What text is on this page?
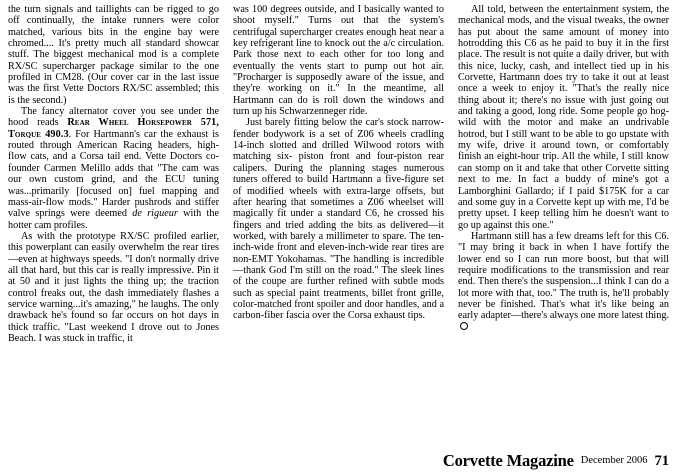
the turn signals and taillights can be rigged to go off continually, the intake runners were color matched, various bits in the engine bay were chromed.... It's pretty much all standard showcar stuff. The biggest mechanical mod is a complete RX/SC supercharger package similar to the one profiled in CM28. (Our cover car in the last issue was the first Vette Doctors RX/SC assembled; this is the second.)

The fancy alternator cover you see under the hood reads Rear Wheel Horsepower 571, Torque 490.3. For Hartmann's car the exhaust is routed through American Racing headers, high-flow cats, and a Corsa tail end. Vette Doctors co-founder Carmen Melillo adds that "The cam was our own custom grind, and the ECU tuning was...primarily [focused on] fuel mapping and mass-air-flow mods." Harder pushrods and stiffer valve springs were deemed de rigueur with the hotter cam profiles.

As with the prototype RX/SC profiled earlier, this powerplant can easily overwhelm the rear tires—even at highways speeds. "I don't normally drive all that hard, but this car is really impressive. Pin it at 50 and it just lights the thing up; the traction control freaks out, the dash immediately flashes a service warning...it's amazing," he laughs. The only drawback he's found so far occurs on hot days in thick traffic. "Last weekend I drove out to Jones Beach. I was stuck in traffic, it

was 100 degrees outside, and I basically wanted to shoot myself." Turns out that the system's centrifugal supercharger creates enough heat near a key refrigerant line to knock out the a/c circulation. Park those next to each other for too long and eventually the vents start to pump out hot air. "Procharger is supposedly aware of the issue, and they're working on it." In the meantime, all Hartmann can do is roll down the windows and turn up his Schwarzenneger ride.

Just barely fitting below the car's stock narrow-fender bodywork is a set of Z06 wheels cradling 14-inch slotted and drilled Wilwood rotors with matching six- piston front and four-piston rear calipers. During the planning stages numerous tuners offered to build Hartmann a five-figure set of modified wheels with extra-large offsets, but after hearing that sometimes a Z06 wheelset will magically fit under a standard C6, he crossed his fingers and tried adding the bits as delivered—it worked, with barely a millimeter to spare. The ten-inch-wide front and eleven-inch-wide rear tires are non-EMT Yokohamas. "The handling is incredible—thank God I'm still on the road." The sleek lines of the coupe are further refined with subtle mods such as special paint treatments, billet front grille, color-matched front spoiler and door handles, and a carbon-fiber fascia over the Corsa exhaust tips.

All told, between the entertainment system, the mechanical mods, and the visual tweaks, the owner has put about the same amount of money into hotrodding this C6 as he paid to buy it in the first place. The result is not quite a daily driver, but with this nice, lucky, cash, and intellect tied up in his Corvette, Hartmann does try to take it out at least once a week to enjoy it. "That's the really nice thing about it; there's no issue with just going out and taking a good, long ride. Some people go hog-wild with the motor and make an undrivable hotrod, but I still want to be able to go upstate with my wife, drive it around town, or comfortably finish an eight-hour trip. All the while, I still know can stomp on it and take that other Corvette sitting next to me. In fact a buddy of mine's got a Lamborghini Gallardo; if I paid $175K for a car and some guy in a Corvette kept up with me, I'd be pretty upset. I keep telling him he doesn't want to go up against this one."

Hartmann still has a few dreams left for this C6. "I may bring it back in when I have fortify the lower end so I can run more boost, but that will require modifications to the transmission and rear end. Then there's the suspension...I think I can do a lot more with that, too." The truth is, he'll probably never be finished. That's what it's like being an early adapter—there's always one more latest thing.

Corvette Magazine December 2006 71
